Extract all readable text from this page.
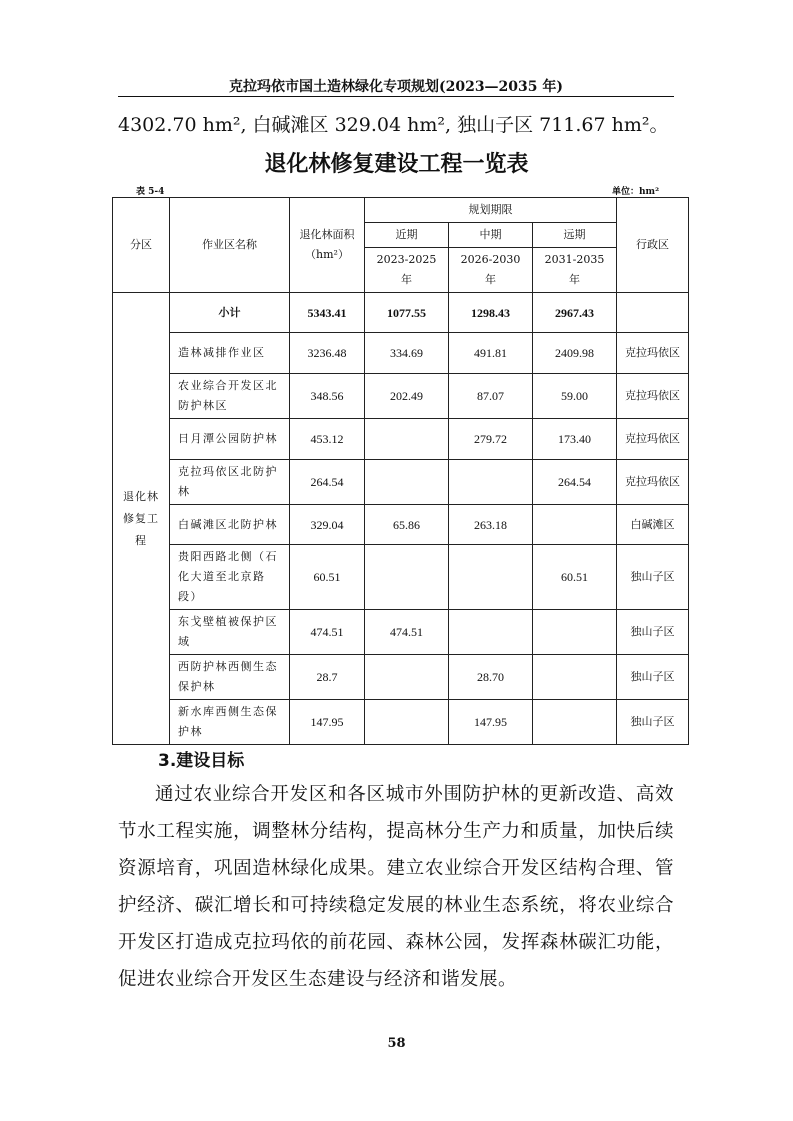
克拉玛依市国土造林绿化专项规划(2023—2035 年)
4302.70 hm², 白碱滩区 329.04 hm², 独山子区 711.67 hm²。
退化林修复建设工程一览表
表 5-4	单位：hm²
分区	作业区名称	退化林面积
（hm²）	规划期限			行政区
			近期	中期	远期	
			2023-2025 年	2026-2030 年	2031-2035 年	

退化林修复工程	小计	5343.41	1077.55	1298.43	2967.43	
	造林减排作业区	3236.48	334.69	491.81	2409.98	克拉玛依区
	农业综合开发区北防护林区	348.56	202.49	87.07	59.00	克拉玛依区
	日月潭公园防护林	453.12		279.72	173.40	克拉玛依区
	克拉玛依区北防护林	264.54			264.54	克拉玛依区
	白碱滩区北防护林	329.04	65.86	263.18		白碱滩区
	贵阳西路北侧（石化大道至北京路段）	60.51			60.51	独山子区
	东戈壁植被保护区域	474.51	474.51			独山子区
	西防护林西侧生态保护林	28.7		28.70		独山子区
	新水库西侧生态保护林	147.95		147.95		独山子区
3.建设目标
通过农业综合开发区和各区城市外围防护林的更新改造、高效节水工程实施，调整林分结构，提高林分生产力和质量，加快后续资源培育，巩固造林绿化成果。建立农业综合开发区结构合理、管护经济、碳汇增长和可持续稳定发展的林业生态系统，将农业综合开发区打造成克拉玛依的前花园、森林公园，发挥森林碳汇功能，促进农业综合开发区生态建设与经济和谐发展。
58
